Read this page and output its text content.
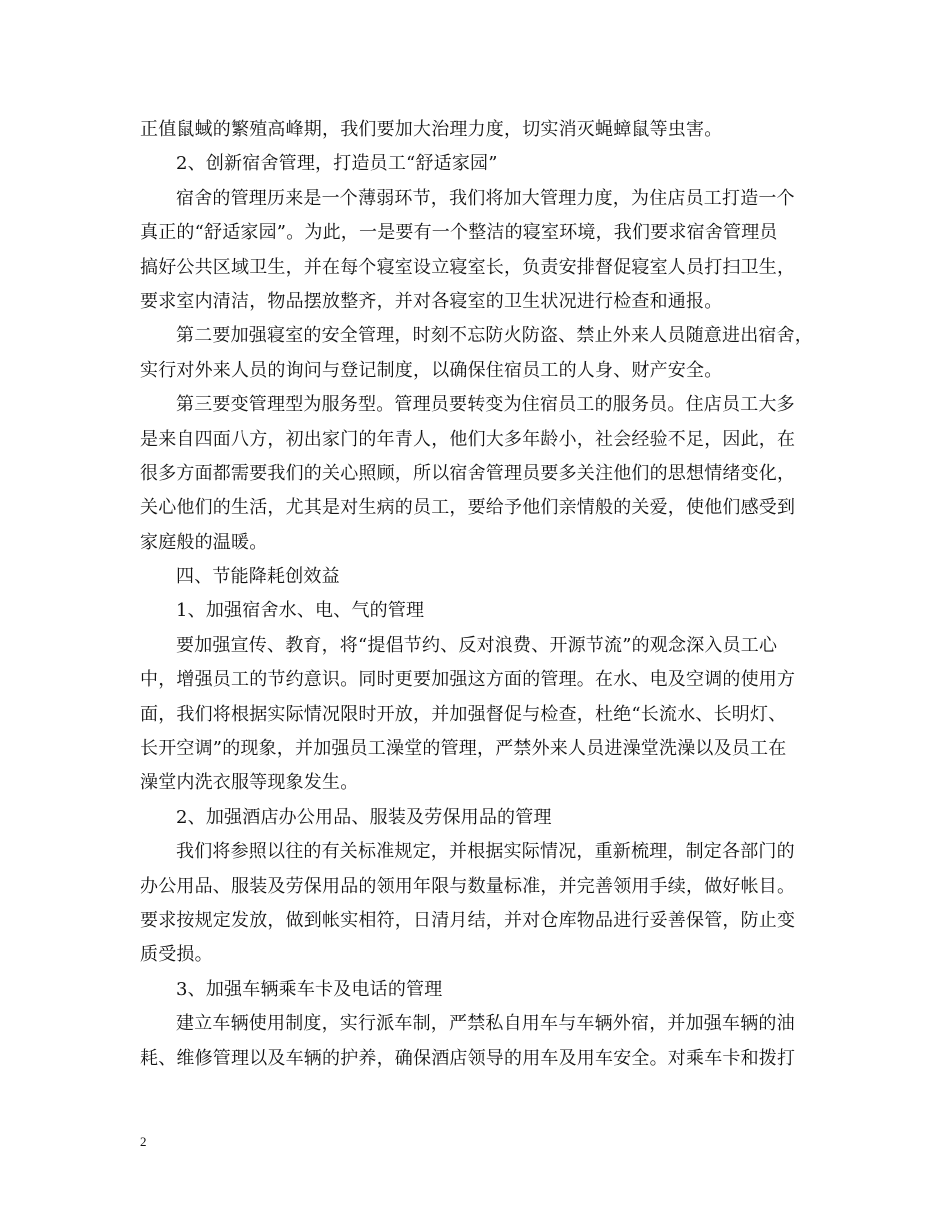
正值鼠蜮的繁殖高峰期，我们要加大治理力度，切实消灭蝇蟑鼠等虫害。
2、创新宿舍管理，打造员工“舒适家园”
宿舍的管理历来是一个薄弱环节，我们将加大管理力度，为住店员工打造一个
真正的“舒适家园”。为此，一是要有一个整洁的寝室环境，我们要求宿舍管理员
搞好公共区域卫生，并在每个寝室设立寝室长，负责安排督促寝室人员打扫卫生，
要求室内清洁，物品摆放整齐，并对各寝室的卫生状况进行检查和通报。
第二要加强寝室的安全管理，时刻不忘防火防盗、禁止外来人员随意进出宿舍，
实行对外来人员的询问与登记制度，以确保住宿员工的人身、财产安全。
第三要变管理型为服务型。管理员要转变为住宿员工的服务员。住店员工大多
是来自四面八方，初出家门的年青人，他们大多年龄小，社会经验不足，因此，在
很多方面都需要我们的关心照顾，所以宿舍管理员要多关注他们的思想情绪变化，
关心他们的生活，尤其是对生病的员工，要给予他们亲情般的关爱，使他们感受到
家庭般的温暖。
四、节能降耗创效益
1、加强宿舍水、电、气的管理
要加强宣传、教育，将“提倡节约、反对浪费、开源节流”的观念深入员工心
中，增强员工的节约意识。同时更要加强这方面的管理。在水、电及空调的使用方
面，我们将根据实际情况限时开放，并加强督促与检查，杜绝“长流水、长明灯、
长开空调”的现象，并加强员工澡堂的管理，严禁外来人员进澡堂洗澡以及员工在
澡堂内洗衣服等现象发生。
2、加强酒店办公用品、服装及劳保用品的管理
我们将参照以往的有关标准规定，并根据实际情况，重新梳理，制定各部门的
办公用品、服装及劳保用品的领用年限与数量标准，并完善领用手续，做好帐目。
要求按规定发放，做到帐实相符，日清月结，并对仓库物品进行妥善保管，防止变
质受损。
3、加强车辆乘车卡及电话的管理
建立车辆使用制度，实行派车制，严禁私自用车与车辆外宿，并加强车辆的油
耗、维修管理以及车辆的护养，确保酒店领导的用车及用车安全。对乘车卡和拨打
2
